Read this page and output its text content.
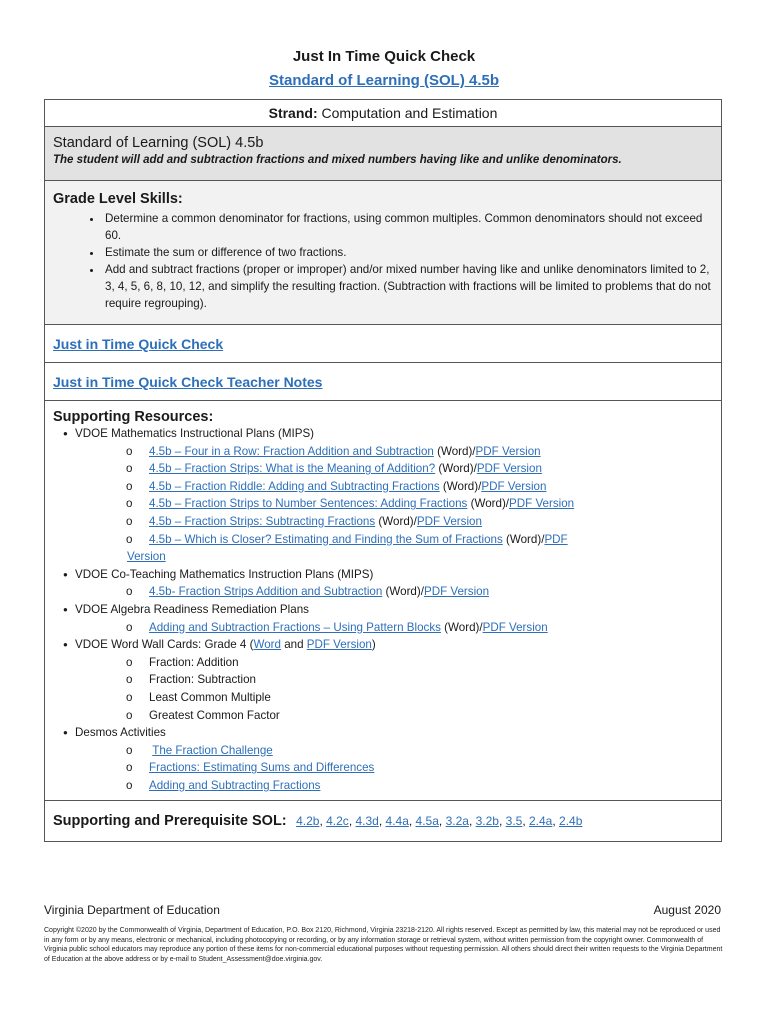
Just In Time Quick Check
Standard of Learning (SOL) 4.5b
Strand: Computation and Estimation
Standard of Learning (SOL) 4.5b
The student will add and subtraction fractions and mixed numbers having like and unlike denominators.
Grade Level Skills:
• Determine a common denominator for fractions, using common multiples. Common denominators should not exceed 60.
• Estimate the sum or difference of two fractions.
• Add and subtract fractions (proper or improper) and/or mixed number having like and unlike denominators limited to 2, 3, 4, 5, 6, 8, 10, 12, and simplify the resulting fraction. (Subtraction with fractions will be limited to problems that do not require regrouping).
Just in Time Quick Check
Just in Time Quick Check Teacher Notes
Supporting Resources:
● VDOE Mathematics Instructional Plans (MIPS)
o 4.5b – Four in a Row: Fraction Addition and Subtraction (Word)/PDF Version
o 4.5b – Fraction Strips: What is the Meaning of Addition? (Word)/PDF Version
o 4.5b – Fraction Riddle: Adding and Subtracting Fractions (Word)/PDF Version
o 4.5b – Fraction Strips to Number Sentences: Adding Fractions (Word)/PDF Version
o 4.5b – Fraction Strips: Subtracting Fractions (Word)/PDF Version
o 4.5b – Which is Closer? Estimating and Finding the Sum of Fractions (Word)/PDF
Version
● VDOE Co-Teaching Mathematics Instruction Plans (MIPS)
o 4.5b- Fraction Strips Addition and Subtraction (Word)/PDF Version
● VDOE Algebra Readiness Remediation Plans
o Adding and Subtraction Fractions – Using Pattern Blocks (Word)/PDF Version
● VDOE Word Wall Cards: Grade 4 (Word and PDF Version)
o Fraction: Addition
o Fraction: Subtraction
o Least Common Multiple
o Greatest Common Factor
● Desmos Activities
o The Fraction Challenge
o Fractions: Estimating Sums and Differences
o Adding and Subtracting Fractions
Supporting and Prerequisite SOL: 4.2b, 4.2c, 4.3d, 4.4a, 4.5a, 3.2a, 3.2b, 3.5, 2.4a, 2.4b
Virginia Department of Education	August 2020
Copyright ©2020 by the Commonwealth of Virginia, Department of Education, P.O. Box 2120, Richmond, Virginia 23218-2120. All rights reserved. Except as permitted by law, this material may not be reproduced or used in any form or by any means, electronic or mechanical, including photocopying or recording, or by any information storage or retrieval system, without written permission from the copyright owner. Commonwealth of Virginia public school educators may reproduce any portion of these items for non-commercial educational purposes without requesting permission. All others should direct their written requests to the Virginia Department of Education at the above address or by e-mail to Student_Assessment@doe.virginia.gov.
